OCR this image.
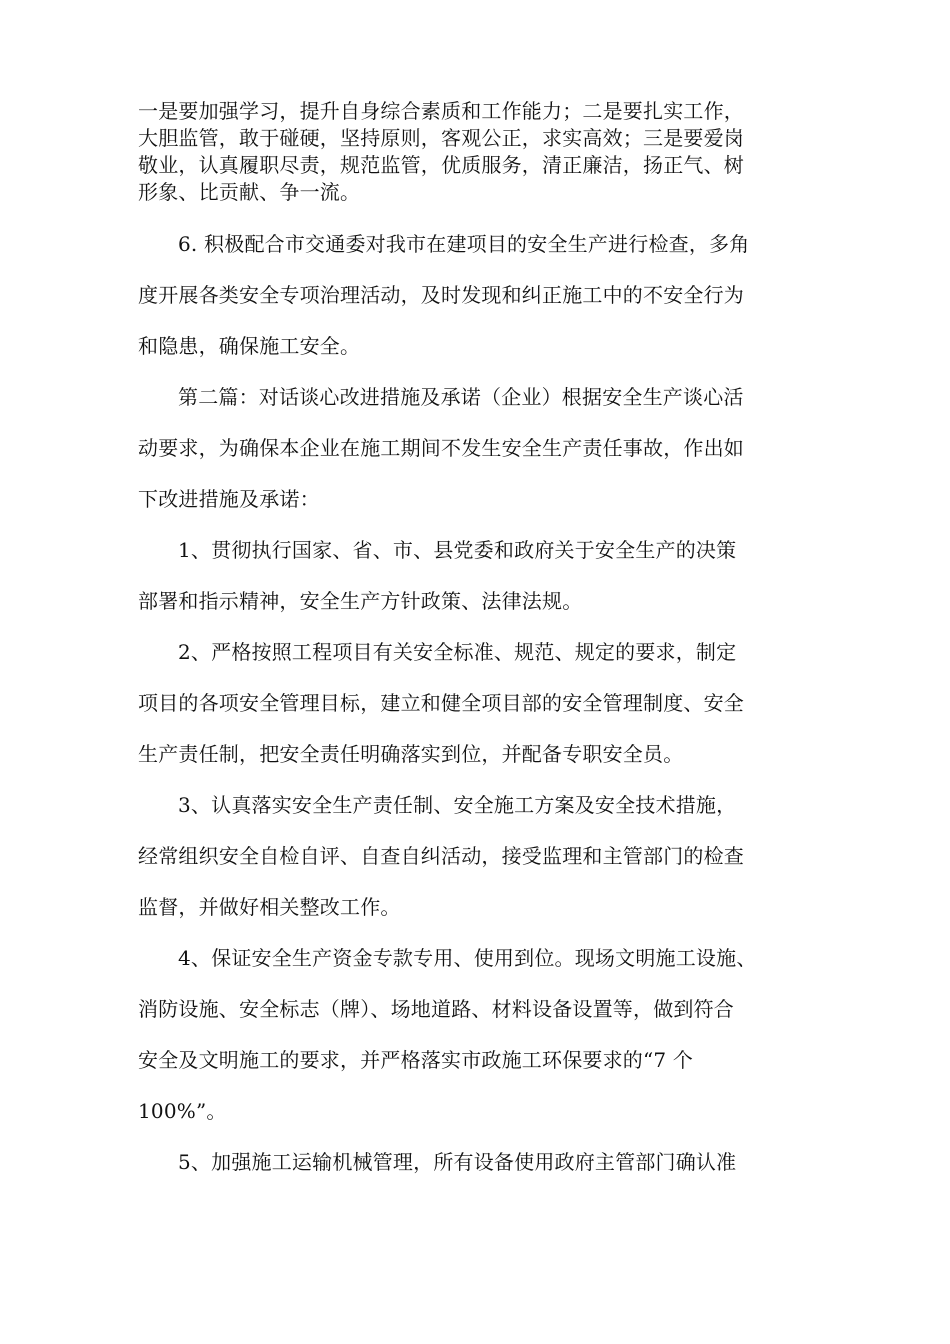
一是要加强学习，提升自身综合素质和工作能力；二是要扎实工作，
大胆监管，敢于碰硬，坚持原则，客观公正，求实高效；三是要爱岗
敬业，认真履职尽责，规范监管，优质服务，清正廉洁，扬正气、树
形象、比贡献、争一流。

6. 积极配合市交通委对我市在建项目的安全生产进行检查，多角
度开展各类安全专项治理活动，及时发现和纠正施工中的不安全行为
和隐患，确保施工安全。

第二篇：对话谈心改进措施及承诺（企业）根据安全生产谈心活
动要求，为确保本企业在施工期间不发生安全生产责任事故，作出如
下改进措施及承诺：

1、贯彻执行国家、省、市、县党委和政府关于安全生产的决策
部署和指示精神，安全生产方针政策、法律法规。

2、严格按照工程项目有关安全标准、规范、规定的要求，制定
项目的各项安全管理目标，建立和健全项目部的安全管理制度、安全
生产责任制，把安全责任明确落实到位，并配备专职安全员。

3、认真落实安全生产责任制、安全施工方案及安全技术措施，
经常组织安全自检自评、自查自纠活动，接受监理和主管部门的检查
监督，并做好相关整改工作。

4、保证安全生产资金专款专用、使用到位。现场文明施工设施、
消防设施、安全标志（牌）、场地道路、材料设备设置等，做到符合
安全及文明施工的要求，并严格落实市政施工环保要求的“7 个
100%”。

5、加强施工运输机械管理，所有设备使用政府主管部门确认准
